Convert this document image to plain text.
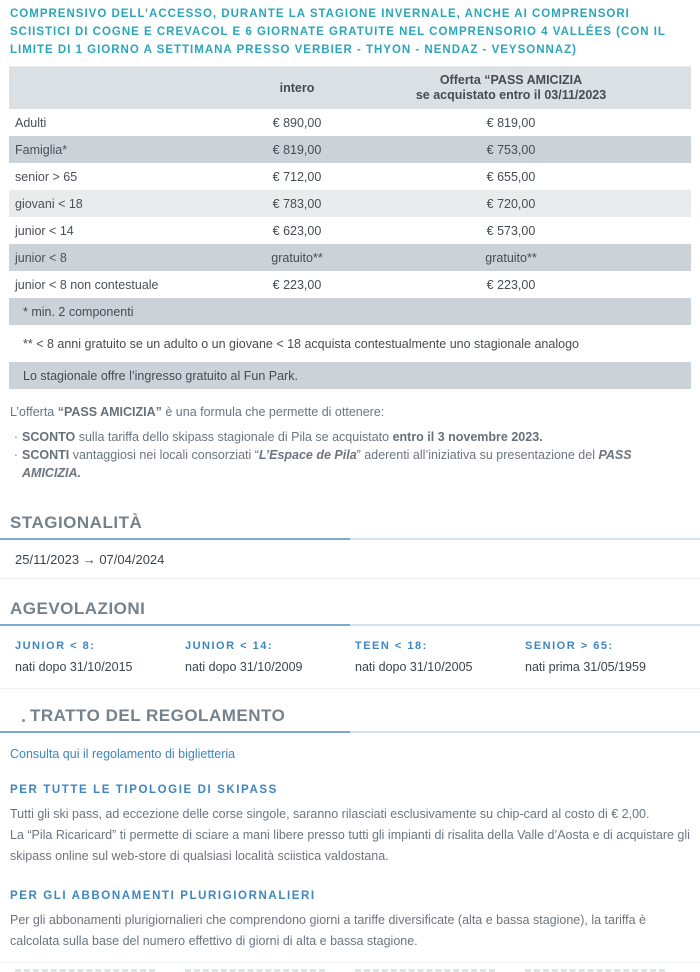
COMPRENSIVO DELL’ACCESSO, DURANTE LA STAGIONE INVERNALE, ANCHE AI COMPRENSORI SCIISTICI DI COGNE E CREVACOL E 6 GIORNATE GRATUITE NEL COMPRENSORIO 4 VALLÉES (CON IL LIMITE DI 1 GIORNO A SETTIMANA PRESSO VERBIER - THYON - NENDAZ - VEYSONNAZ)
intero
Offerta “PASS AMICIZIA
se acquistato entro il 03/11/2023
Adulti	€ 890,00	€ 819,00
Famiglia*	€ 819,00	€ 753,00
senior > 65	€ 712,00	€ 655,00
giovani < 18	€ 783,00	€ 720,00
junior < 14	€ 623,00	€ 573,00
junior < 8	gratuito**	gratuito**
junior < 8 non contestuale	€ 223,00	€ 223,00
* min. 2 componenti
** < 8 anni gratuito se un adulto o un giovane < 18 acquista contestualmente uno stagionale analogo
Lo stagionale offre l’ingresso gratuito al Fun Park.
L’offerta “PASS AMICIZIA” è una formula che permette di ottenere:
· SCONTO sulla tariffa dello skipass stagionale di Pila se acquistato entro il 3 novembre 2023.
· SCONTI vantaggiosi nei locali consorziati “L’Espace de Pila” aderenti all’iniziativa su presentazione del PASS AMICIZIA.
STAGIONALITÀ
25/11/2023 → 07/04/2024
AGEVOLAZIONI
JUNIOR < 8:
nati dopo 31/10/2015
JUNIOR < 14:
nati dopo 31/10/2009
TEEN < 18:
nati dopo 31/10/2005
SENIOR > 65:
nati prima 31/05/1959
TRATTO DEL REGOLAMENTO
Consulta qui il regolamento di biglietteria
PER TUTTE LE TIPOLOGIE DI SKIPASS
Tutti gli ski pass, ad eccezione delle corse singole, saranno rilasciati esclusivamente su chip-card al costo di € 2,00.
La “Pila Ricaricard” ti permette di sciare a mani libere presso tutti gli impianti di risalita della Valle d’Aosta e di acquistare gli skipass online sul web-store di qualsiasi località sciistica valdostana.
PER GLI ABBONAMENTI PLURIGIORNALIERI
Per gli abbonamenti plurigiornalieri che comprendono giorni a tariffe diversificate (alta e bassa stagione), la tariffa è calcolata sulla base del numero effettivo di giorni di alta e bassa stagione.
